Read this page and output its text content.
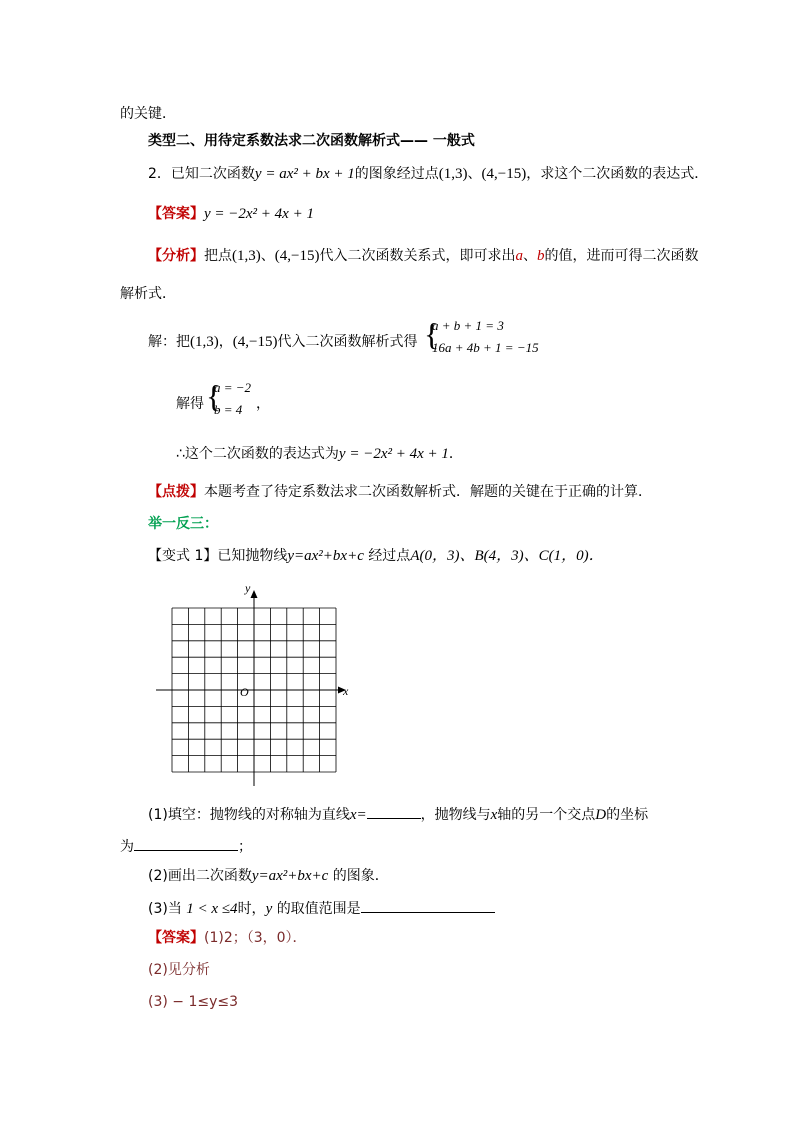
的关键．
类型二、用待定系数法求二次函数解析式—— 一般式
2．已知二次函数y = ax² + bx + 1的图象经过点(1,3)、(4,−15)，求这个二次函数的表达式．
【答案】y = −2x² + 4x + 1
【分析】把点(1,3)、(4,−15)代入二次函数关系式，即可求出a、b的值，进而可得二次函数
解析式．
解：把(1,3)，(4,−15)代入二次函数解析式得 {
a + b + 1 = 3
16a + 4b + 1 = −15
解得 {
a = −2
b = 4 ，
∴这个二次函数的表达式为y = −2x² + 4x + 1．
【点拨】本题考查了待定系数法求二次函数解析式．解题的关键在于正确的计算．
举一反三：
【变式 1】已知抛物线y=ax²+bx+c 经过点A(0，3)、B(4，3)、C(1，0)．
x
y
O
(1)填空：抛物线的对称轴为直线x=	，抛物线与x轴的另一个交点D的坐标
为	；
(2)画出二次函数y=ax²+bx+c 的图象．
(3)当 1 < x ≤4时，y 的取值范围是
【答案】(1)2；（3，0）．
(2)见分析
(3) − 1≤y≤3
